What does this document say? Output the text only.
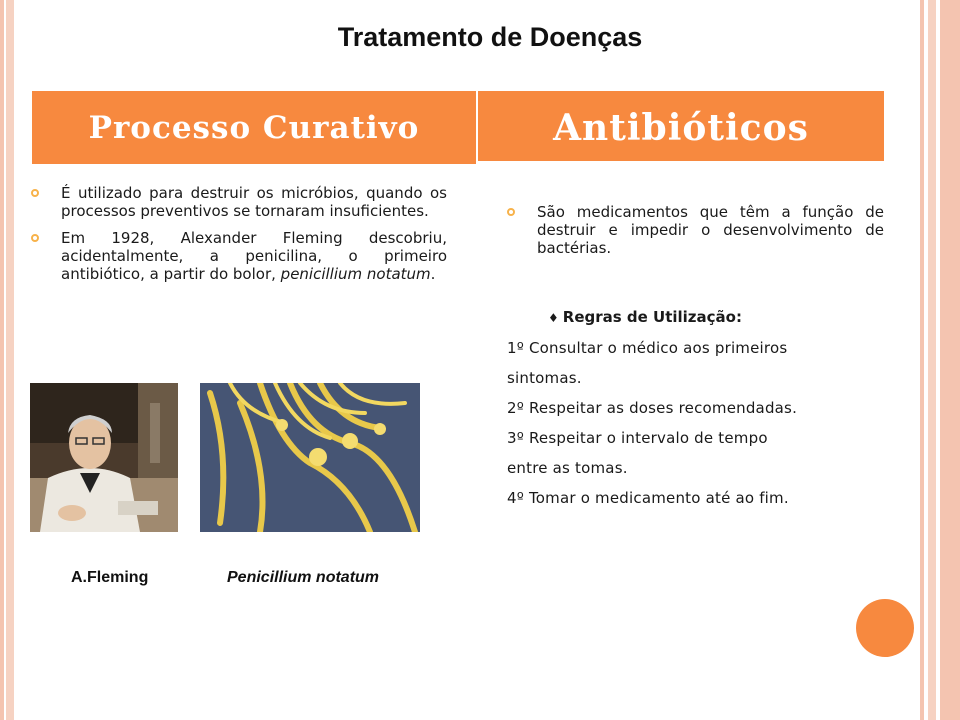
Tratamento de Doenças
Processo Curativo	Antibióticos
É utilizado para destruir os micróbios, quando os processos preventivos se tornaram insuficientes.
Em 1928, Alexander Fleming descobriu, acidentalmente, a penicilina, o primeiro antibiótico, a partir do bolor, penicillium notatum.
São medicamentos que têm a função de destruir e impedir o desenvolvimento de bactérias.
A.Fleming	Penicillium notatum
♦ Regras de Utilização:
1º Consultar o médico aos primeiros
sintomas.
2º Respeitar as doses recomendadas.
3º Respeitar o intervalo de tempo
entre as tomas.
4º Tomar o medicamento até ao fim.
